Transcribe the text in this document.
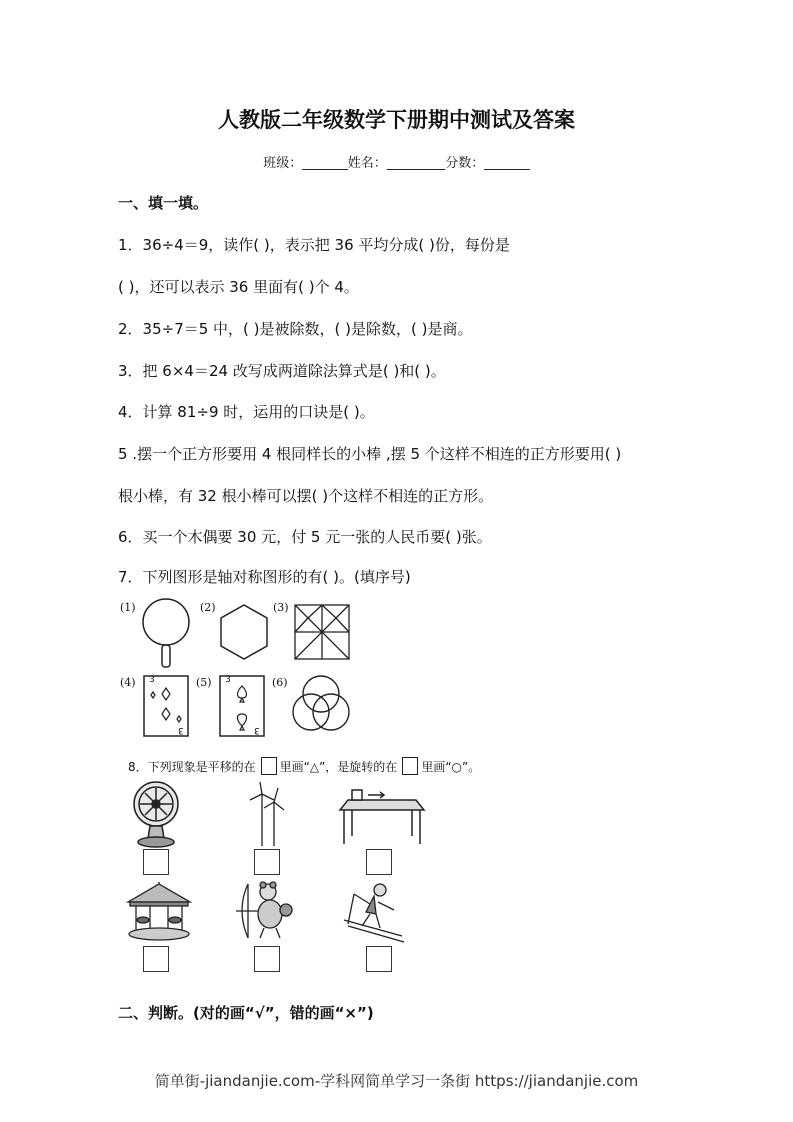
人教版二年级数学下册期中测试及答案
班级：_______姓名：_________分数：_______
一、填一填。
1．36÷4＝9，读作( )，表示把 36 平均分成( )份，每份是
( )，还可以表示 36 里面有( )个 4。
2．35÷7＝5 中，( )是被除数，( )是除数，( )是商。
3．把 6×4＝24 改写成两道除法算式是( )和( )。
4．计算 81÷9 时，运用的口诀是( )。
5 .摆一个正方形要用 4 根同样长的小棒 ,摆 5 个这样不相连的正方形要用( )
根小棒，有 32 根小棒可以摆( )个这样不相连的正方形。
6．买一个木偶要 30 元，付 5 元一张的人民币要( )张。
7．下列图形是轴对称图形的有( )。(填序号)
(1)	(2)	(3)
(4) 3
3
(5) 3
3
(6)
8．下列现象是平移的在 里画“△”，是旋转的在 里画“○”。
二、判断。(对的画“√”，错的画“×”)
简单街-jiandanjie.com-学科网简单学习一条街 https://jiandanjie.com
